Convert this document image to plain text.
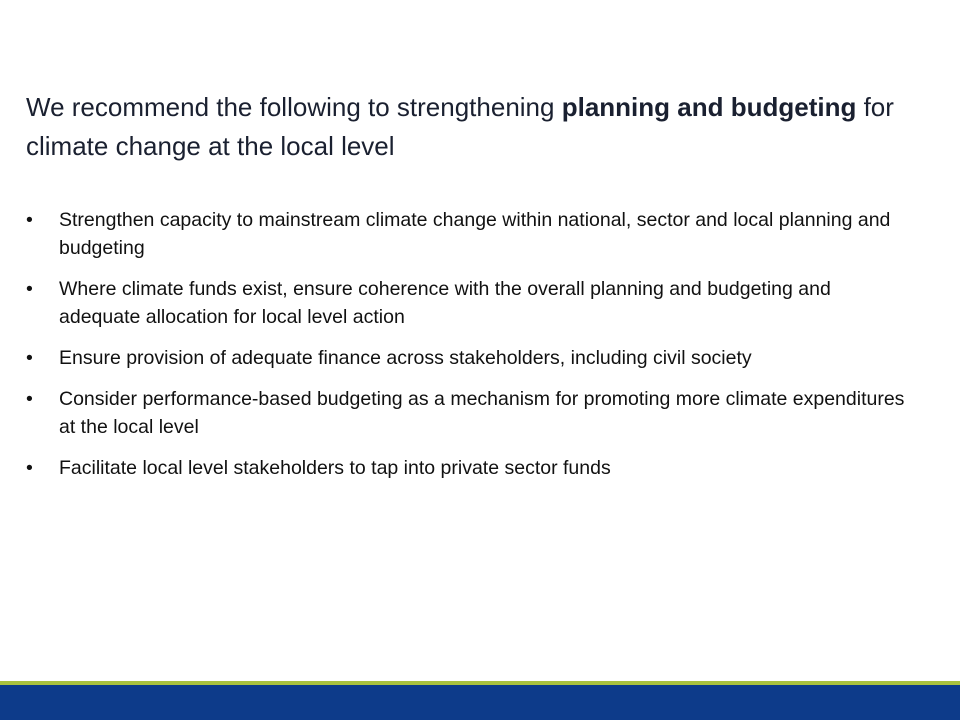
We recommend the following to strengthening planning and budgeting for climate change at the local level
• Strengthen capacity to mainstream climate change within national, sector and local planning and budgeting
• Where climate funds exist, ensure coherence with the overall planning and budgeting and adequate allocation for local level action
• Ensure provision of adequate finance across stakeholders, including civil society
• Consider performance-based budgeting as a mechanism for promoting more climate expenditures at the local level
• Facilitate local level stakeholders to tap into private sector funds
